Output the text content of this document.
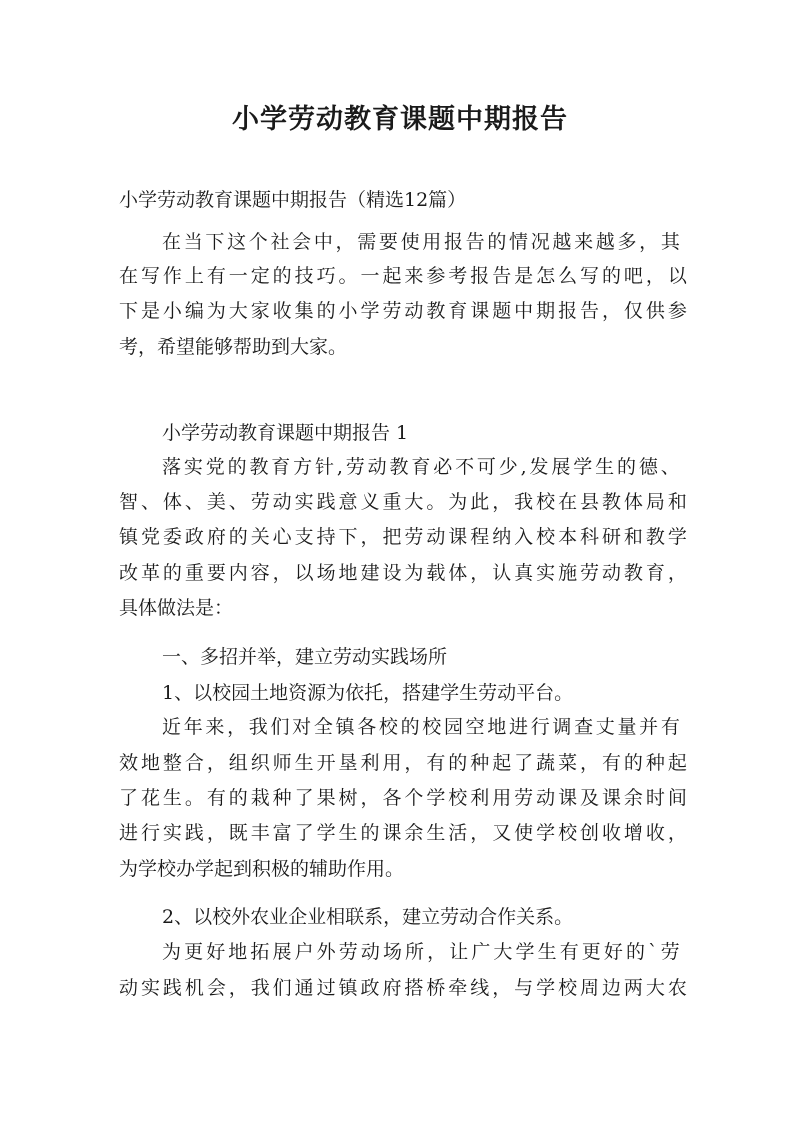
小学劳动教育课题中期报告

小学劳动教育课题中期报告（精选12篇）

在 当 下 这 个 社 会 中 ， 需 要 使 用 报 告 的 情 况 越 来 越 多 ， 其

在 写 作 上 有 一 定 的 技 巧 。 一 起 来 参 考 报 告 是 怎 么 写 的 吧 ， 以

下 是 小 编 为 大 家 收 集 的 小 学 劳 动 教 育 课 题 中 期 报 告 ， 仅 供 参

考，希望能够帮助到大家。

小学劳动教育课题中期报告 1

落 实 党 的 教 育 方 针 , 劳 动 教 育 必 不 可 少 , 发 展 学 生 的 德 、

智 、 体 、 美 、 劳 动 实 践 意 义 重 大 。 为 此 ， 我 校 在 县 教 体 局 和

镇 党 委 政 府 的 关 心 支 持 下 ， 把 劳 动 课 程 纳 入 校 本 科 研 和 教 学

改 革 的 重 要 内 容 ， 以 场 地 建 设 为 载 体 ， 认 真 实 施 劳 动 教 育 ，

具体做法是：

一、多招并举，建立劳动实践场所

1、以校园土地资源为依托，搭建学生劳动平台。

近 年 来 ， 我 们 对 全 镇 各 校 的 校 园 空 地 进 行 调 查 丈 量 并 有

效 地 整 合 ， 组 织 师 生 开 垦 利 用 ， 有 的 种 起 了 蔬 菜 ， 有 的 种 起

了 花 生 。 有 的 栽 种 了 果 树 ， 各 个 学 校 利 用 劳 动 课 及 课 余 时 间

进 行 实 践 ， 既 丰 富 了 学 生 的 课 余 生 活 ， 又 使 学 校 创 收 增 收 ，

为学校办学起到积极的辅助作用。

2、以校外农业企业相联系，建立劳动合作关系。

为 更 好 地 拓 展 户 外 劳 动 场 所 ， 让 广 大 学 生 有 更 好 的 ` 劳

动 实 践 机 会 ， 我 们 通 过 镇 政 府 搭 桥 牵 线 ， 与 学 校 周 边 两 大 农
